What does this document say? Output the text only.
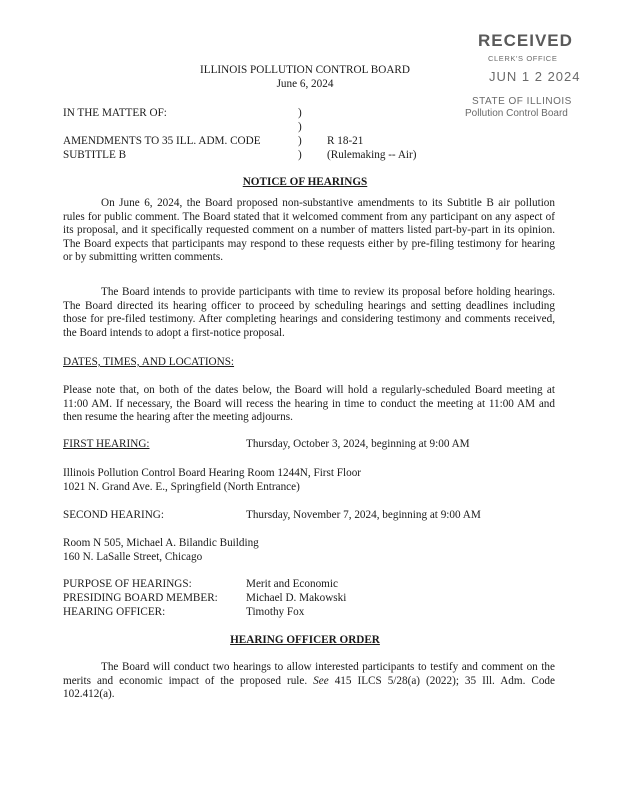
RECEIVED
CLERK'S OFFICE
JUN 1 2 2024
STATE OF ILLINOIS
Pollution Control Board
ILLINOIS POLLUTION CONTROL BOARD
June 6, 2024
IN THE MATTER OF:	)
)
AMENDMENTS TO 35 ILL. ADM. CODE	) R 18-21
SUBTITLE B	) (Rulemaking -- Air)
NOTICE OF HEARINGS
On June 6, 2024, the Board proposed non-substantive amendments to its Subtitle B air pollution rules for public comment. The Board stated that it welcomed comment from any participant on any aspect of its proposal, and it specifically requested comment on a number of matters listed part-by-part in its opinion. The Board expects that participants may respond to these requests either by pre-filing testimony for hearing or by submitting written comments.
The Board intends to provide participants with time to review its proposal before holding hearings. The Board directed its hearing officer to proceed by scheduling hearings and setting deadlines including those for pre-filed testimony. After completing hearings and considering testimony and comments received, the Board intends to adopt a first-notice proposal.
DATES, TIMES, AND LOCATIONS:
Please note that, on both of the dates below, the Board will hold a regularly-scheduled Board meeting at 11:00 AM. If necessary, the Board will recess the hearing in time to conduct the meeting at 11:00 AM and then resume the hearing after the meeting adjourns.
FIRST HEARING:	Thursday, October 3, 2024, beginning at 9:00 AM
Illinois Pollution Control Board Hearing Room 1244N, First Floor
1021 N. Grand Ave. E., Springfield (North Entrance)
SECOND HEARING:	Thursday, November 7, 2024, beginning at 9:00 AM
Room N 505, Michael A. Bilandic Building
160 N. LaSalle Street, Chicago
PURPOSE OF HEARINGS:	Merit and Economic
PRESIDING BOARD MEMBER:	Michael D. Makowski
HEARING OFFICER:	Timothy Fox
HEARING OFFICER ORDER
The Board will conduct two hearings to allow interested participants to testify and comment on the merits and economic impact of the proposed rule. See 415 ILCS 5/28(a) (2022); 35 Ill. Adm. Code 102.412(a).
